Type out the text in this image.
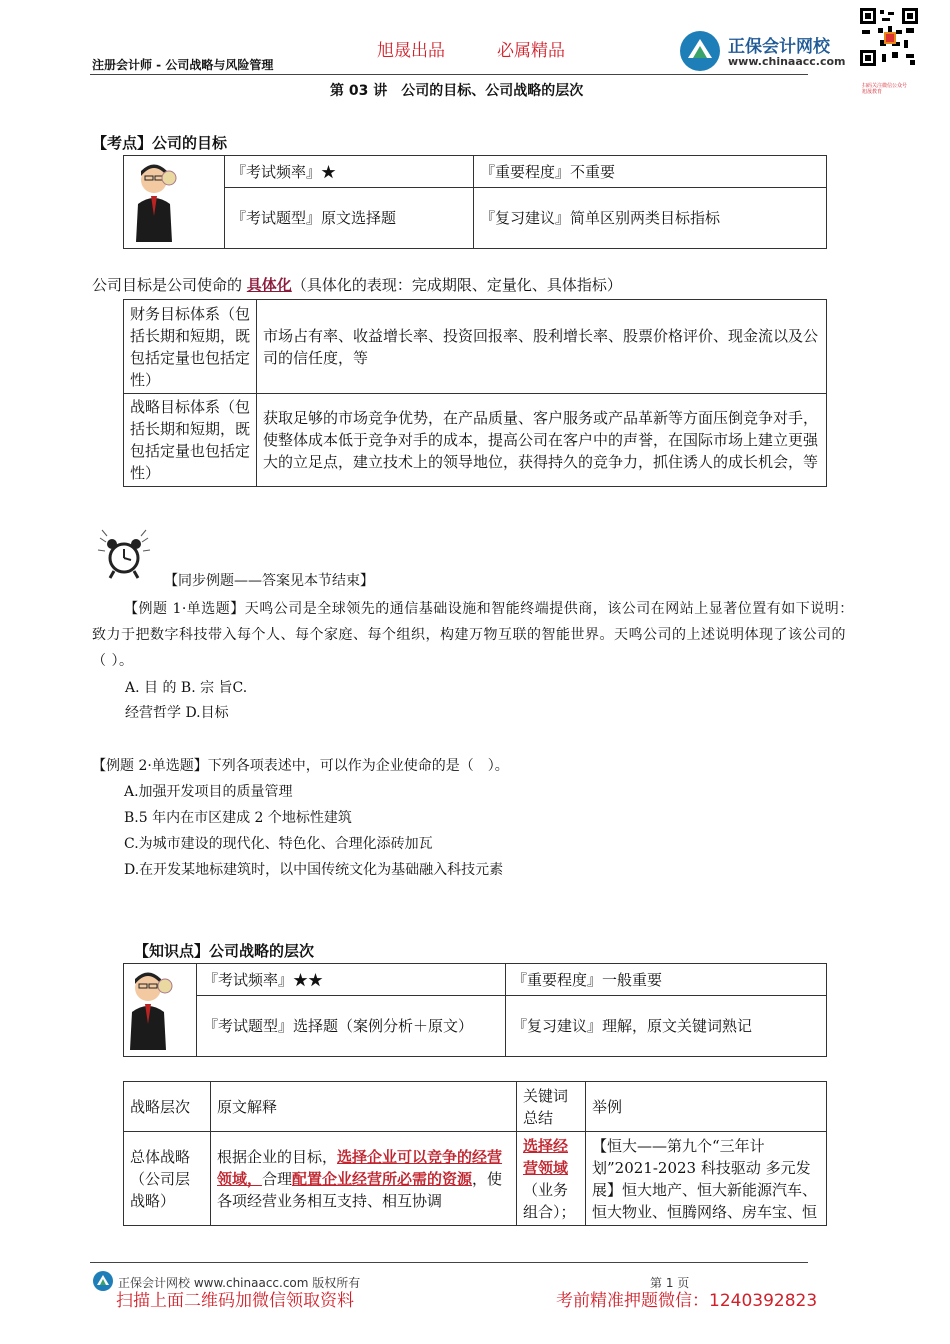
旭晟出品	必属精品
注册会计师 - 公司战略与风险管理
正保会计网校
www.chinaacc.com
扫码关注微信公众号
旭晟教育
第 03 讲　公司的目标、公司战略的层次
【考点】公司的目标
	『考试频率』★	『重要程度』不重要
	『考试题型』原文选择题	『复习建议』简单区别两类目标指标
公司目标是公司使命的 具体化（具体化的表现：完成期限、定量化、具体指标）
财务目标体系（包括长期和短期，既包括定量也包括定性）	市场占有率、收益增长率、投资回报率、股利增长率、股票价格评价、现金流以及公司的信任度，等
战略目标体系（包括长期和短期，既包括定量也包括定性）	获取足够的市场竞争优势，在产品质量、客户服务或产品革新等方面压倒竞争对手，使整体成本低于竞争对手的成本，提高公司在客户中的声誉，在国际市场上建立更强大的立足点，建立技术上的领导地位，获得持久的竞争力，抓住诱人的成长机会，等
【同步例题——答案见本节结束】
【例题 1·单选题】天鸣公司是全球领先的通信基础设施和智能终端提供商，该公司在网站上显著位置有如下说明：致力于把数字科技带入每个人、每个家庭、每个组织，构建万物互联的智能世界。天鸣公司的上述说明体现了该公司的（ ）。
A. 目 的 B. 宗 旨C.
经营哲学 D.目标
【例题 2·单选题】下列各项表述中，可以作为企业使命的是（　）。
A.加强开发项目的质量管理
B.5 年内在市区建成 2 个地标性建筑
C.为城市建设的现代化、特色化、合理化添砖加瓦
D.在开发某地标建筑时，以中国传统文化为基础融入科技元素
【知识点】公司战略的层次
	『考试频率』★★	『重要程度』一般重要
	『考试题型』选择题（案例分析＋原文）	『复习建议』理解，原文关键词熟记
战略层次	原文解释	关键词总结	举例
总体战略（公司层战略）	根据企业的目标，选择企业可以竞争的经营领域，合理配置企业经营所必需的资源，使各项经营业务相互支持、相互协调	选择经营领域（业务组合）；	【恒大——第九个“三年计划”2021-2023 科技驱动 多元发展】恒大地产、恒大新能源汽车、恒大物业、恒腾网络、房车宝、恒
正保会计网校 www.chinaacc.com 版权所有	第 1 页
扫描上面二维码加微信领取资料	考前精准押题微信：1240392823
